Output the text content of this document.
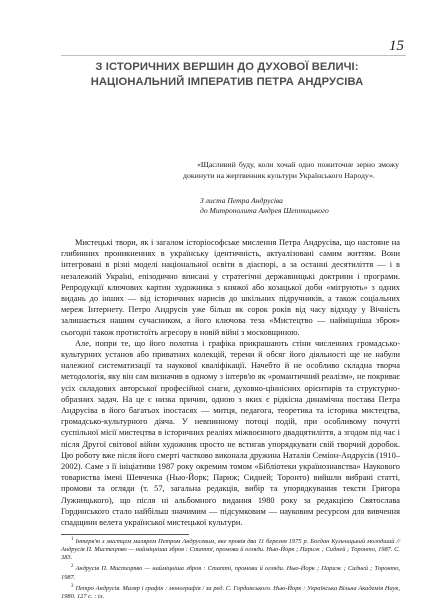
15
З ІСТОРИЧНИХ ВЕРШИН ДО ДУХОВОЇ ВЕЛИЧІ: НАЦІОНАЛЬНИЙ ІМПЕРАТИВ ПЕТРА АНДРУСІВА
«Щасливий буду, коли хочай одно пожиточне зерно зможу докинути на жертвенник культури Українського Народу».
З листа Петра Андрусіва
до Митрополита Андрея Шептицького

Мистецькі твори, як і загалом історіософське мислення Петра Андрусіва, що настояне на глибинних проникненнях в українську ідентичність, актуалізовані самим життям. Вони інтегровані в різні моделі національної освіти в діаспорі, а за останні десятиліття — і в незалежній Україні, епізодично вписані у стратегічні державницькі доктрини і програми. Репродукції ключових картин художника з княжої або козацької доби «мігрують» з одних видань до інших — від історичних нарисів до шкільних підручників, а також соціальних мереж Інтернету. Петро Андрусів уже більш як сорок років від часу відходу у Вічність залишається нашим сучасником, а його ключова теза «Мистецтво — найміцніша зброя» сьогодні також протистоїть агресору в новій війні з московщиною.

Але, попри те, що його полотна і графіка прикрашають стіни численних громадсько-культурних установ або приватних колекцій, терени й обсяг його діяльності ще не набули належної систематизації та наукової кваліфікації. Начебто й не особливо складна творча методологія, яку він сам визначив в одному з інтерв'ю як «романтичний реалізм», не покриває усіх складових авторської професійної снаги, духовно-ціннісних орієнтирів та структурно-образних задач. На це є низка причин, одною з яких є рідкісна динамічна постава Петра Андрусіва в його багатьох іпостасях — митця, педагога, теоретика та історика мистецтва, громадсько-культурного діяча. У невпинному потоці подій, при особливому почутті суспільної місії мистецтва в історичних реаліях міжвоєнного двадцятиліття, а згодом під час і після Другої світової війни художник просто не встигав упорядкувати свій творчий доробок. Цю роботу вже після його смерті частково виконала дружина Наталія Семіон-Андрусів (1910–2002). Саме з її ініціативи 1987 року окремим томом «Бібліотеки українознавства» Наукового товариства імені Шевченка (Нью-Йорк; Париж; Сидней; Торонто) вийшли вибрані статті, промови та огляди (т. 57, загальна редакція, вибір та упорядкування тексти Григора Лужницького), що після ні альбомного видання 1980 року за редакцією Святослава Гординського стало найбільш значимим — підсумковим — науковим ресурсом для вивчення спадщини велета української мистецької культури.

$^1$ Інтерв'ю з мистцем малярем Петром Андрусевим, яке провів два 11 березня 1975 р. Богдан Кульчицький молодший // Андрусів П. Мистецтво — найміцніша зброя : Статті, промови й огляди. Нью-Йорк ; Париж ; Сидней ; Торонто, 1987. С. 383.

$^2$ Андрусів П. Мистецтво — найміцніша зброя : Статті, промови й огляди. Нью-Йорк ; Париж ; Сидней ; Торонто, 1987.

$^3$ Петро Андрусів. Маляр і графік : монографія / за ред. С. Гординського. Нью-Йорк : Українська Вільна Академія Наук, 1980. 127 с. : іл.
